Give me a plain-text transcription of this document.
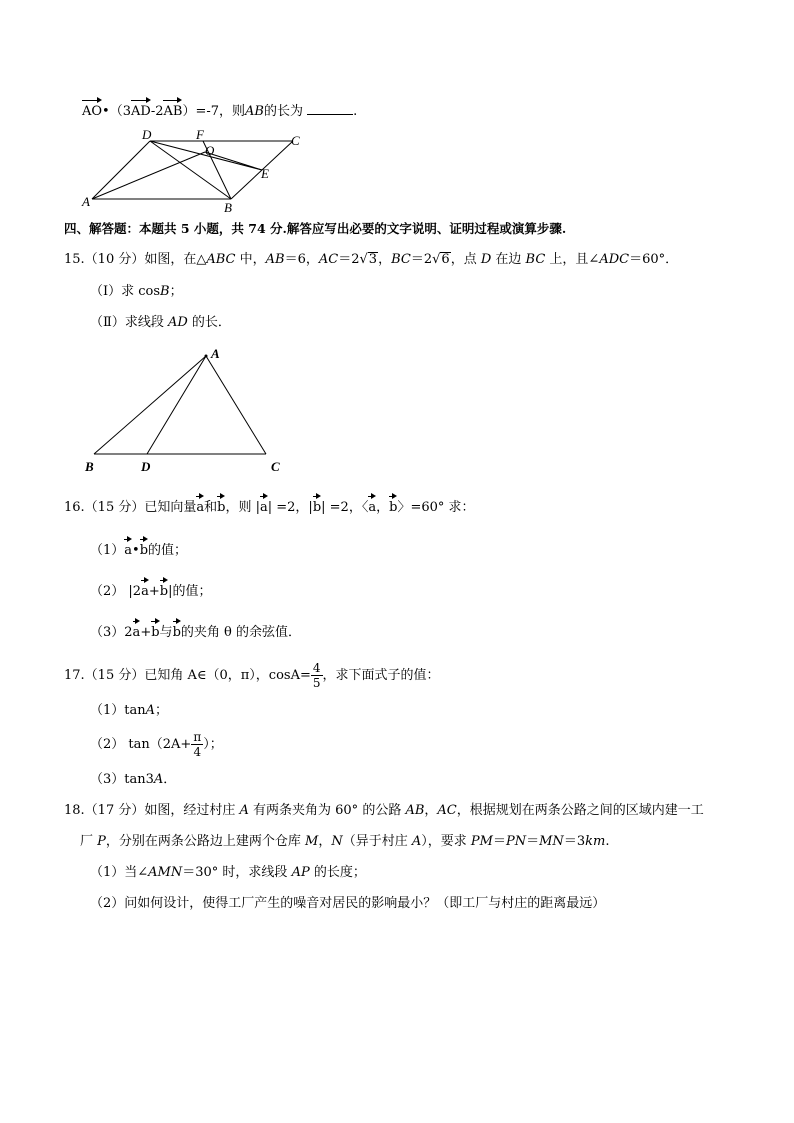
AO•（3AD-2AB）=-7，则AB的长为	.
D	F	C
O
E
A	B
四、解答题：本题共 5 小题，共 74 分.解答应写出必要的文字说明、证明过程或演算步骤.
15.（10 分）如图，在△ABC 中，AB＝6，AC＝2√3，BC＝2√6，点 D 在边 BC 上，且∠ADC＝60°．
（Ⅰ）求 cosB；
（Ⅱ）求线段 AD 的长．
A
B	D	C
16.（15 分）已知向量a和b，则 |a| =2，|b| =2，〈a，b〉=60° 求：
（1）a•b的值；
（2） |2a+b|的值；
（3）2a+b与b的夹角 θ 的余弦值．
17.（15 分）已知角 A∈（0，π），$\cos A= \frac{4}{5}$ ，求下面式子的值：
（1）tanA；
（2） $\tan(2A+ \frac{\pi}{4}$ ）；
（3）tan3A．
18.（17 分）如图，经过村庄 A 有两条夹角为 60° 的公路 AB，AC，根据规划在两条公路之间的区域内建一工
厂 P，分别在两条公路边上建两个仓库 M，N（异于村庄 A），要求 PM＝PN＝MN＝3km.
（1）当∠AMN＝30° 时，求线段 AP 的长度；
（2）问如何设计，使得工厂产生的噪音对居民的影响最小？（即工厂与村庄的距离最远）
